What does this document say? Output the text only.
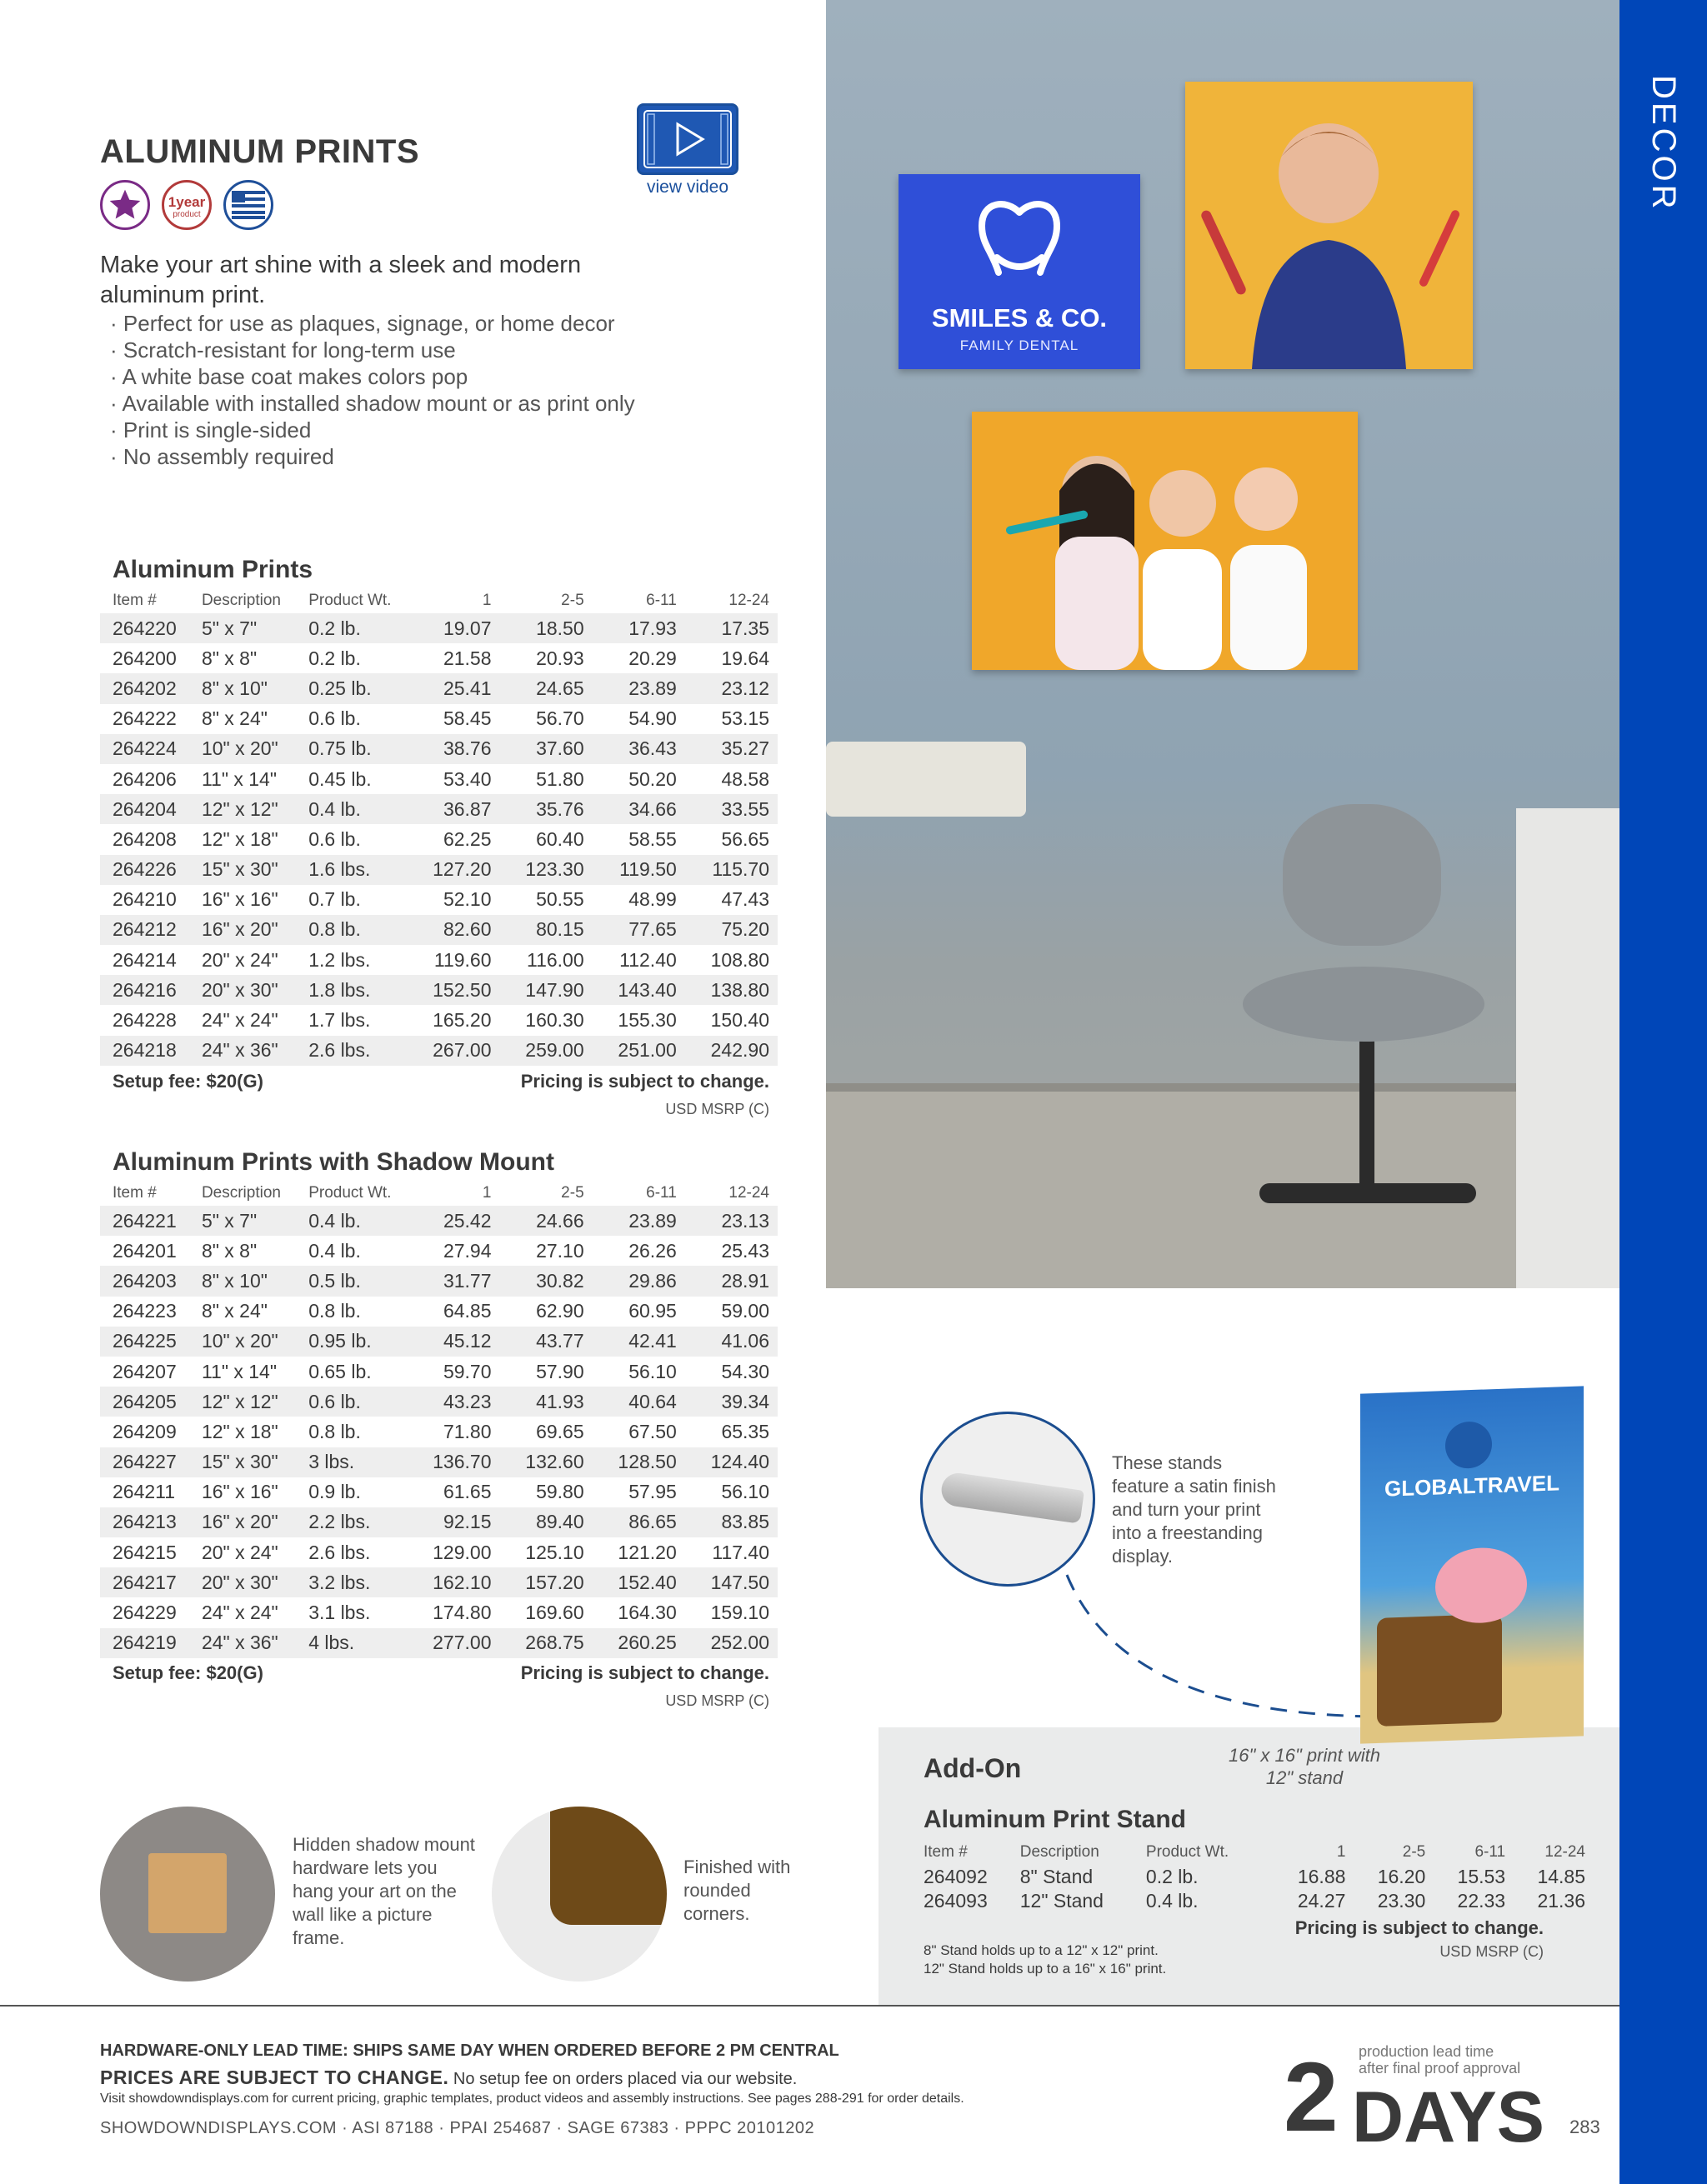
DECOR
SMILES & CO.
FAMILY DENTAL
ALUMINUM PRINTS
1year
product
view video
Make your art shine with a sleek and modern aluminum print.
· Perfect for use as plaques, signage, or home decor
· Scratch-resistant for long-term use
· A white base coat makes colors pop
· Available with installed shadow mount or as print only
· Print is single-sided
· No assembly required
Aluminum Prints
Item #	Description	Product Wt.	1	2-5	6-11	12-24
264220	5" x 7"	0.2 lb.	19.07	18.50	17.93	17.35
264200	8" x 8"	0.2 lb.	21.58	20.93	20.29	19.64
264202	8" x 10"	0.25 lb.	25.41	24.65	23.89	23.12
264222	8" x 24"	0.6 lb.	58.45	56.70	54.90	53.15
264224	10" x 20"	0.75 lb.	38.76	37.60	36.43	35.27
264206	11" x 14"	0.45 lb.	53.40	51.80	50.20	48.58
264204	12" x 12"	0.4 lb.	36.87	35.76	34.66	33.55
264208	12" x 18"	0.6 lb.	62.25	60.40	58.55	56.65
264226	15" x 30"	1.6 lbs.	127.20	123.30	119.50	115.70
264210	16" x 16"	0.7 lb.	52.10	50.55	48.99	47.43
264212	16" x 20"	0.8 lb.	82.60	80.15	77.65	75.20
264214	20" x 24"	1.2 lbs.	119.60	116.00	112.40	108.80
264216	20" x 30"	1.8 lbs.	152.50	147.90	143.40	138.80
264228	24" x 24"	1.7 lbs.	165.20	160.30	155.30	150.40
264218	24" x 36"	2.6 lbs.	267.00	259.00	251.00	242.90
Setup fee: $20(G)	Pricing is subject to change.
USD MSRP (C)
Aluminum Prints with Shadow Mount
Item #	Description	Product Wt.	1	2-5	6-11	12-24
264221	5" x 7"	0.4 lb.	25.42	24.66	23.89	23.13
264201	8" x 8"	0.4 lb.	27.94	27.10	26.26	25.43
264203	8" x 10"	0.5 lb.	31.77	30.82	29.86	28.91
264223	8" x 24"	0.8 lb.	64.85	62.90	60.95	59.00
264225	10" x 20"	0.95 lb.	45.12	43.77	42.41	41.06
264207	11" x 14"	0.65 lb.	59.70	57.90	56.10	54.30
264205	12" x 12"	0.6 lb.	43.23	41.93	40.64	39.34
264209	12" x 18"	0.8 lb.	71.80	69.65	67.50	65.35
264227	15" x 30"	3 lbs.	136.70	132.60	128.50	124.40
264211	16" x 16"	0.9 lb.	61.65	59.80	57.95	56.10
264213	16" x 20"	2.2 lbs.	92.15	89.40	86.65	83.85
264215	20" x 24"	2.6 lbs.	129.00	125.10	121.20	117.40
264217	20" x 30"	3.2 lbs.	162.10	157.20	152.40	147.50
264229	24" x 24"	3.1 lbs.	174.80	169.60	164.30	159.10
264219	24" x 36"	4 lbs.	277.00	268.75	260.25	252.00
Setup fee: $20(G)	Pricing is subject to change.
USD MSRP (C)
Hidden shadow mount hardware lets you hang your art on the wall like a picture frame.
Finished with rounded corners.
These stands feature a satin finish and turn your print into a freestanding display.
GLOBALTRAVEL
16" x 16" print with 12" stand
Add-On
Aluminum Print Stand
Item #	Description	Product Wt.	1	2-5	6-11	12-24
264092	8" Stand	0.2 lb.	16.88	16.20	15.53	14.85
264093	12" Stand	0.4 lb.	24.27	23.30	22.33	21.36
Pricing is subject to change.
USD MSRP (C)
8" Stand holds up to a 12" x 12" print.
12" Stand holds up to a 16" x 16" print.
HARDWARE-ONLY LEAD TIME: SHIPS SAME DAY WHEN ORDERED BEFORE 2 PM CENTRAL
PRICES ARE SUBJECT TO CHANGE. No setup fee on orders placed via our website.
Visit showdowndisplays.com for current pricing, graphic templates, product videos and assembly instructions. See pages 288-291 for order details.
SHOWDOWNDISPLAYS.COM · ASI 87188 · PPAI 254687 · SAGE 67383 · PPPC 20101202
production lead time
after final proof approval
2 DAYS 283
